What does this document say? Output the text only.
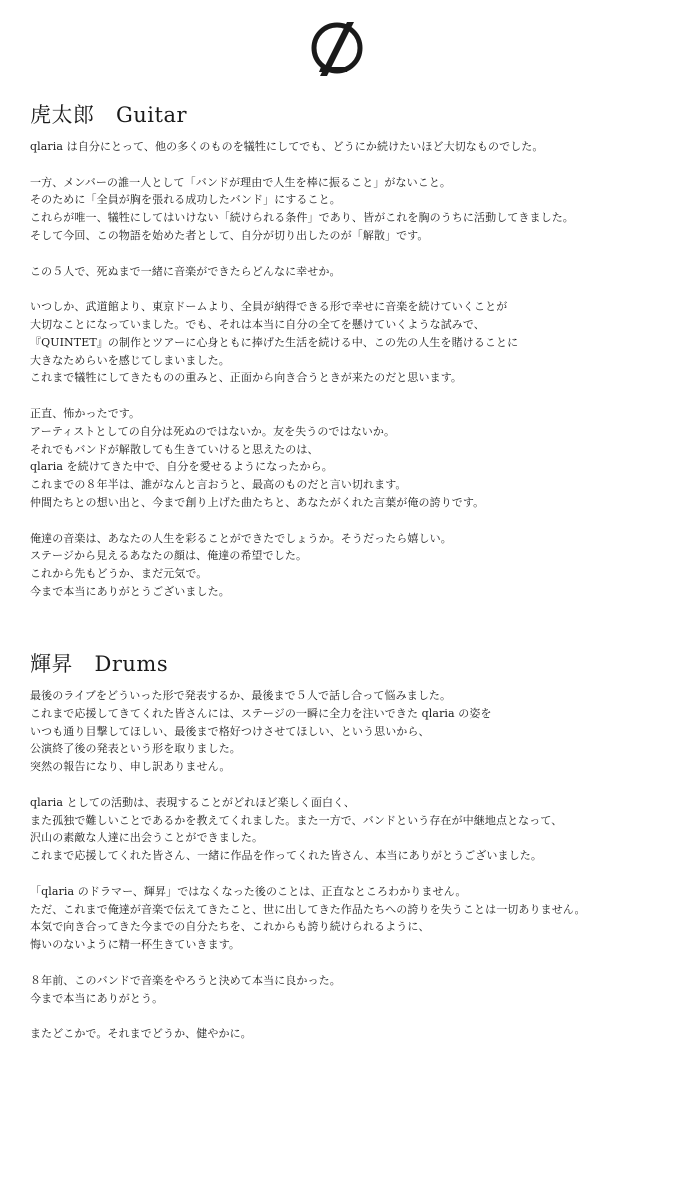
虎太郎　Guitar

qlaria は自分にとって、他の多くのものを犠牲にしてでも、どうにか続けたいほど大切なものでした。

一方、メンバーの誰一人として「バンドが理由で人生を棒に振ること」がないこと。
そのために「全員が胸を張れる成功したバンド」にすること。
これらが唯一、犠牲にしてはいけない「続けられる条件」であり、皆がこれを胸のうちに活動してきました。
そして今回、この物語を始めた者として、自分が切り出したのが「解散」です。

この５人で、死ぬまで一緒に音楽ができたらどんなに幸せか。

いつしか、武道館より、東京ドームより、全員が納得できる形で幸せに音楽を続けていくことが
大切なことになっていました。でも、それは本当に自分の全てを懸けていくような試みで、
『QUINTET』の制作とツアーに心身ともに捧げた生活を続ける中、この先の人生を賭けることに
大きなためらいを感じてしまいました。
これまで犠牲にしてきたものの重みと、正面から向き合うときが来たのだと思います。

正直、怖かったです。
アーティストとしての自分は死ぬのではないか。友を失うのではないか。
それでもバンドが解散しても生きていけると思えたのは、
qlaria を続けてきた中で、自分を愛せるようになったから。
これまでの８年半は、誰がなんと言おうと、最高のものだと言い切れます。
仲間たちとの想い出と、今まで創り上げた曲たちと、あなたがくれた言葉が俺の誇りです。

俺達の音楽は、あなたの人生を彩ることができたでしょうか。そうだったら嬉しい。
ステージから見えるあなたの顔は、俺達の希望でした。
これから先もどうか、まだ元気で。
今まで本当にありがとうございました。

輝昇　Drums

最後のライブをどういった形で発表するか、最後まで５人で話し合って悩みました。
これまで応援してきてくれた皆さんには、ステージの一瞬に全力を注いできた qlaria の姿を
いつも通り目撃してほしい、最後まで格好つけさせてほしい、という思いから、
公演終了後の発表という形を取りました。
突然の報告になり、申し訳ありません。

qlaria としての活動は、表現することがどれほど楽しく面白く、
また孤独で難しいことであるかを教えてくれました。また一方で、バンドという存在が中継地点となって、
沢山の素敵な人達に出会うことができました。
これまで応援してくれた皆さん、一緒に作品を作ってくれた皆さん、本当にありがとうございました。

「qlaria のドラマー、輝昇」ではなくなった後のことは、正直なところわかりません。
ただ、これまで俺達が音楽で伝えてきたこと、世に出してきた作品たちへの誇りを失うことは一切ありません。
本気で向き合ってきた今までの自分たちを、これからも誇り続けられるように、
悔いのないように精一杯生きていきます。

８年前、このバンドで音楽をやろうと決めて本当に良かった。
今まで本当にありがとう。

またどこかで。それまでどうか、健やかに。
